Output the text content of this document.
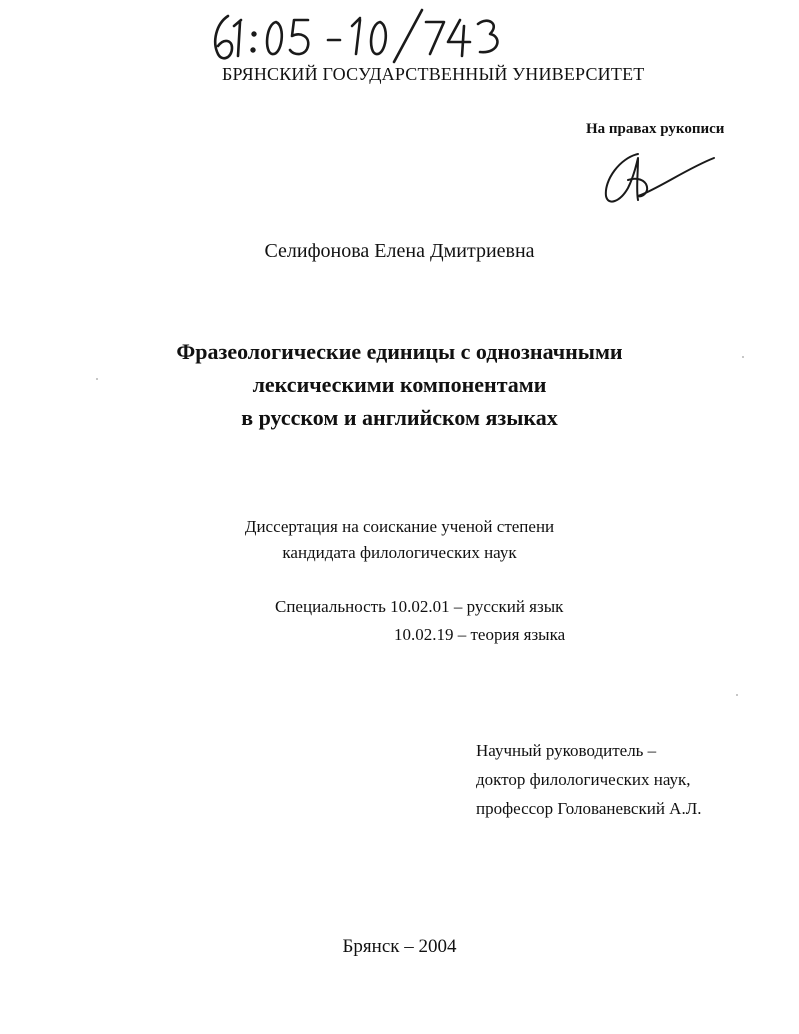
БРЯНСКИЙ ГОСУДАРСТВЕННЫЙ УНИВЕРСИТЕТ
На правах рукописи
Селифонова Елена Дмитриевна
Фразеологические единицы с однозначными
лексическими компонентами
в русском и английском языках
Диссертация на соискание ученой степени
кандидата филологических наук
Специальность 10.02.01 – русский язык
10.02.19 – теория языка
Научный руководитель –
доктор филологических наук,
профессор Голованевский А.Л.
Брянск – 2004
